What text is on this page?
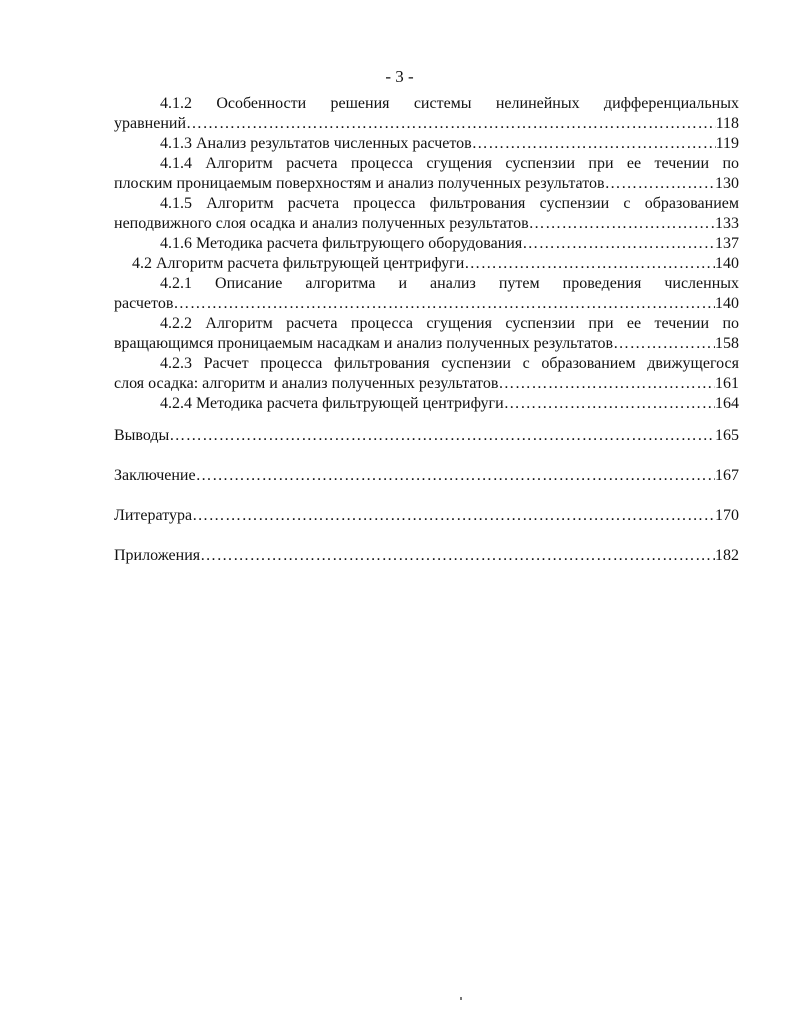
- 3 -
4.1.2 Особенности решения системы нелинейных дифференциальных
уравнений ……………………………………………………………………………………………………………………………………………………………………………………	118
4.1.3 Анализ результатов численных расчетов ……………………………………………………………………………………………………………………………………………………………………………………	119
4.1.4 Алгоритм расчета процесса сгущения суспензии при ее течении по
плоским проницаемым поверхностям и анализ полученных результатов ……………………………………………………………………………………………………………………………………………………………………………………	130
4.1.5 Алгоритм расчета процесса фильтрования суспензии с образованием
неподвижного слоя осадка и анализ полученных результатов ……………………………………………………………………………………………………………………………………………………………………………………	133
4.1.6 Методика расчета фильтрующего оборудования ……………………………………………………………………………………………………………………………………………………………………………………	137
4.2 Алгоритм расчета фильтрующей центрифуги ……………………………………………………………………………………………………………………………………………………………………………………	140
4.2.1 Описание алгоритма и анализ путем проведения численных
расчетов ……………………………………………………………………………………………………………………………………………………………………………………	140
4.2.2 Алгоритм расчета процесса сгущения суспензии при ее течении по
вращающимся проницаемым насадкам и анализ полученных результатов ……………………………………………………………………………………………………………………………………………………………………………………	158
4.2.3 Расчет процесса фильтрования суспензии с образованием движущегося
слоя осадка: алгоритм и анализ полученных результатов ……………………………………………………………………………………………………………………………………………………………………………………	161
4.2.4 Методика расчета фильтрующей центрифуги ……………………………………………………………………………………………………………………………………………………………………………………	164
Выводы ……………………………………………………………………………………………………………………………………………………………………………………	165
Заключение ……………………………………………………………………………………………………………………………………………………………………………………	167
Литература ……………………………………………………………………………………………………………………………………………………………………………………	170
Приложения ……………………………………………………………………………………………………………………………………………………………………………………	182
